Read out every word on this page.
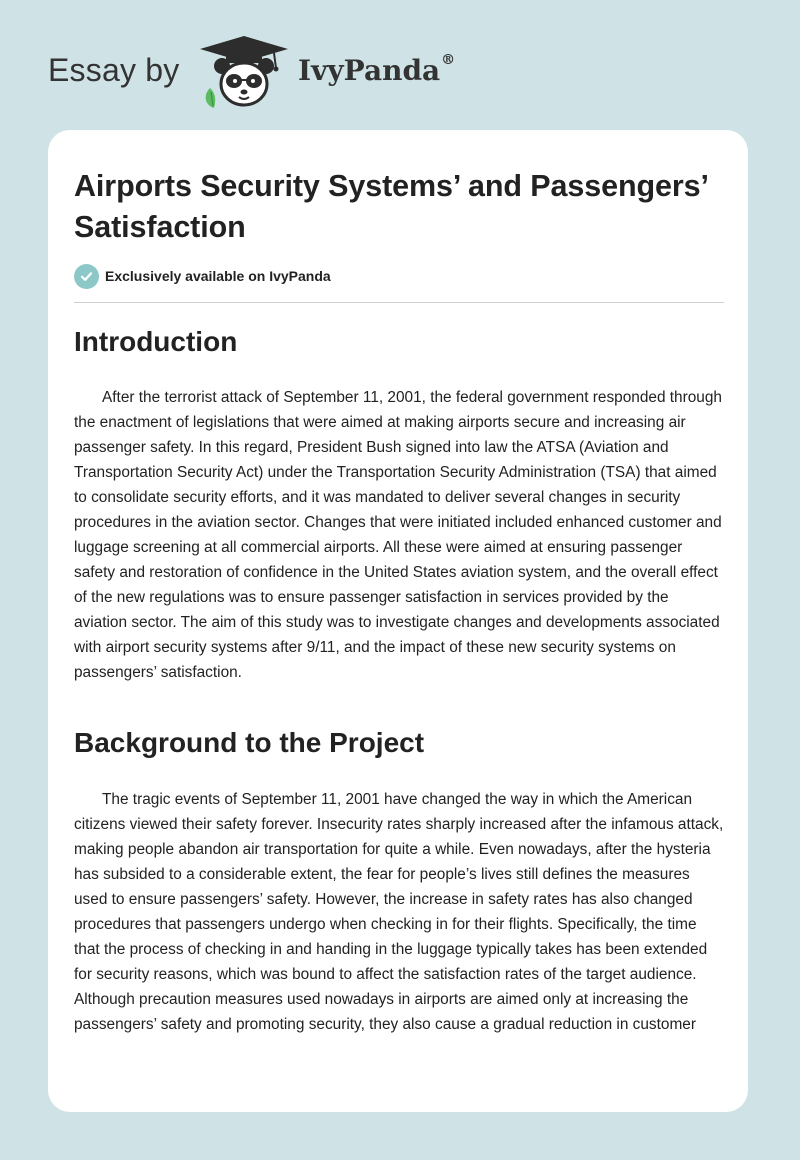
Essay by	IvyPanda®
Airports Security Systems’ and Passengers’ Satisfaction
Exclusively available on IvyPanda
Introduction

After the terrorist attack of September 11, 2001, the federal government responded through the enactment of legislations that were aimed at making airports secure and increasing air passenger safety. In this regard, President Bush signed into law the ATSA (Aviation and Transportation Security Act) under the Transportation Security Administration (TSA) that aimed to consolidate security efforts, and it was mandated to deliver several changes in security procedures in the aviation sector. Changes that were initiated included enhanced customer and luggage screening at all commercial airports. All these were aimed at ensuring passenger safety and restoration of confidence in the United States aviation system, and the overall effect of the new regulations was to ensure passenger satisfaction in services provided by the aviation sector. The aim of this study was to investigate changes and developments associated with airport security systems after 9/11, and the impact of these new security systems on passengers’ satisfaction.

Background to the Project

The tragic events of September 11, 2001 have changed the way in which the American citizens viewed their safety forever. Insecurity rates sharply increased after the infamous attack, making people abandon air transportation for quite a while. Even nowadays, after the hysteria has subsided to a considerable extent, the fear for people’s lives still defines the measures used to ensure passengers’ safety. However, the increase in safety rates has also changed procedures that passengers undergo when checking in for their flights. Specifically, the time that the process of checking in and handing in the luggage typically takes has been extended for security reasons, which was bound to affect the satisfaction rates of the target audience. Although precaution measures used nowadays in airports are aimed only at increasing the passengers’ safety and promoting security, they also cause a gradual reduction in customer
